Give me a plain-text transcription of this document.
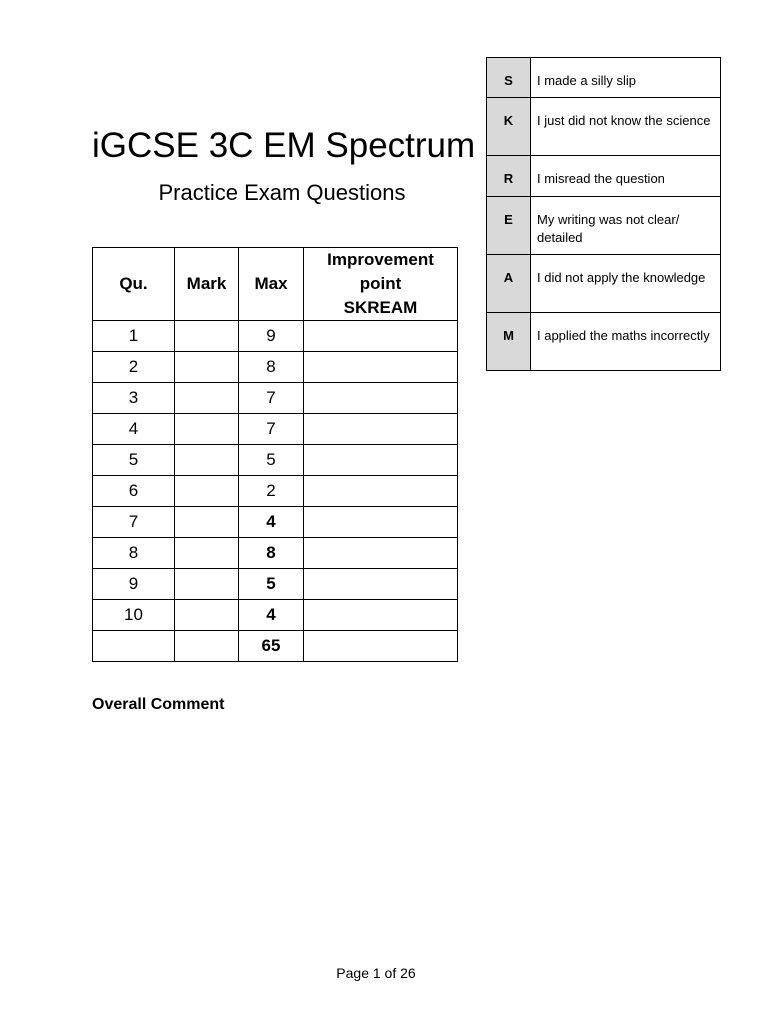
iGCSE 3C EM Spectrum
Practice Exam Questions
Qu.	Mark	Max	Improvement
point
SKREAM
1		9	
2		8	
3		7	
4		7	
5		5	
6		2	
7		4	
8		8	
9		5	
10		4	
		65	
S	I made a silly slip
K	I just did not know the science
R	I misread the question
E	My writing was not clear/ detailed
A	I did not apply the knowledge
M	I applied the maths incorrectly
Overall Comment
Page 1 of 26
